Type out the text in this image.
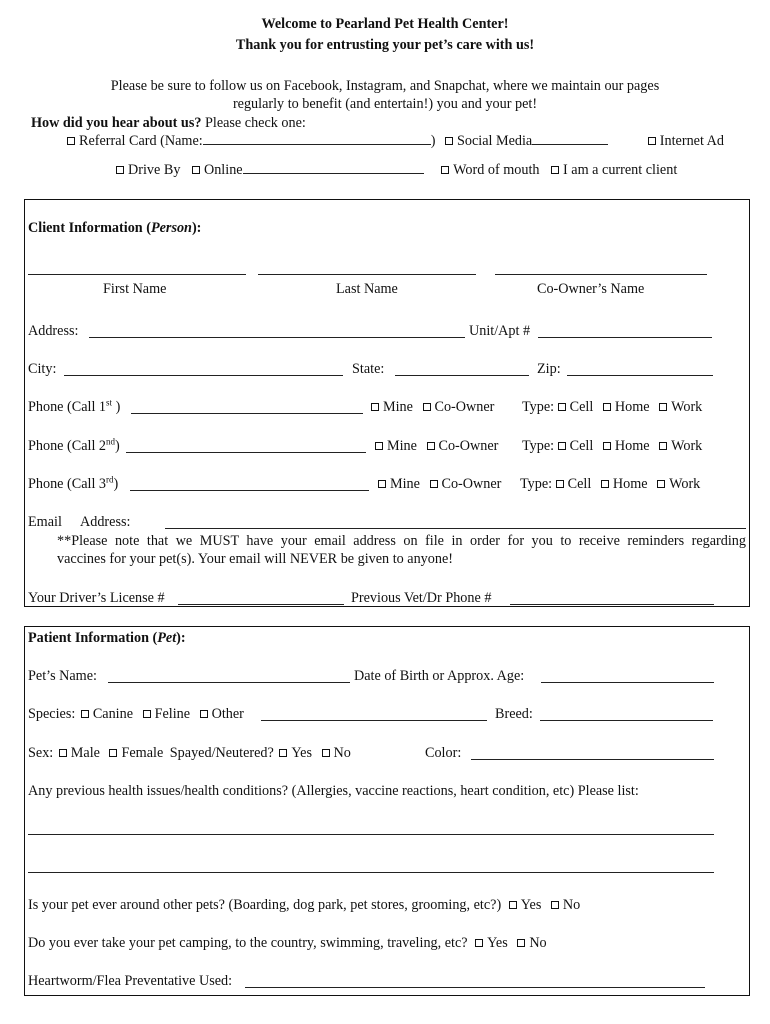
Welcome to Pearland Pet Health Center!
Thank you for entrusting your pet’s care with us!
Please be sure to follow us on Facebook, Instagram, and Snapchat, where we maintain our pages
regularly to benefit (and entertain!) you and your pet!
How did you hear about us? Please check one:
Referral Card (Name:	) Social Media	Internet Ad
Drive By Online	Word of mouth I am a current client
Client Information (Person):
First Name	Last Name	Co-Owner’s Name
Address:	Unit/Apt #
City:	State:	Zip:
Phone (Call 1st )	Mine Co-Owner Type: Cell Home Work
Phone (Call 2nd)	Mine Co-Owner Type: Cell Home Work
Phone (Call 3rd)	Mine Co-Owner Type: Cell Home Work
Email Address:
**Please note that we MUST have your email address on file in order for you to receive reminders regarding
vaccines for your pet(s). Your email will NEVER be given to anyone!
Your Driver’s License #	Previous Vet/Dr Phone #
Patient Information (Pet):
Pet’s Name:	Date of Birth or Approx. Age:
Species: Canine Feline Other	Breed:
Sex: Male Female Spayed/Neutered? Yes No	Color:
Any previous health issues/health conditions? (Allergies, vaccine reactions, heart condition, etc) Please list:
Is your pet ever around other pets? (Boarding, dog park, pet stores, grooming, etc?) Yes No
Do you ever take your pet camping, to the country, swimming, traveling, etc? Yes No
Heartworm/Flea Preventative Used:
